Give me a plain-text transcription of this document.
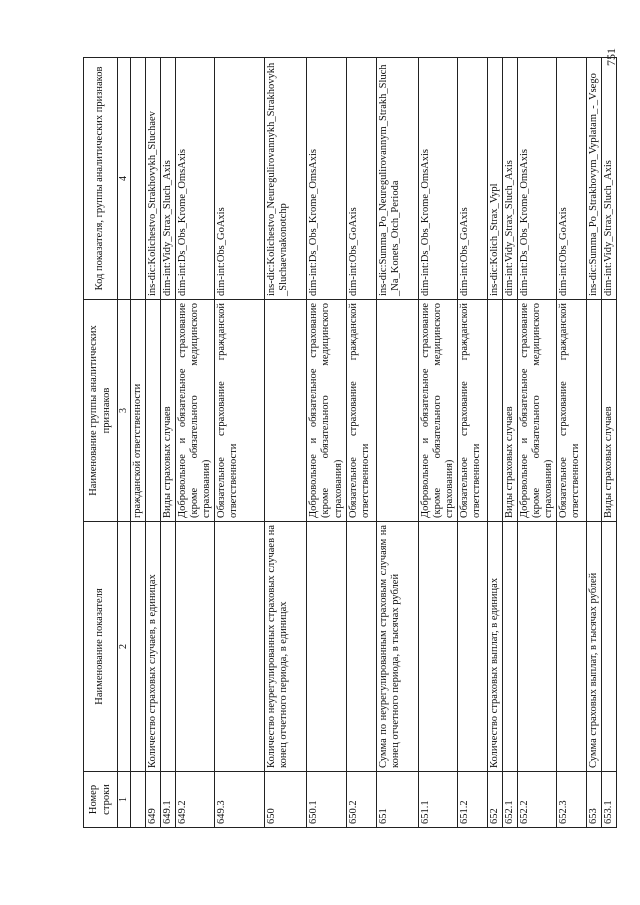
751
Номер строки	Наименование показателя	Наименование группы аналитических признаков	Код показателя, группы аналитических признаков
1	2	3	4
		гражданской ответственности	
649	Количество страховых случаев, в единицах		ins-dic:Kolichestvo_Strakhovykh_Sluchaev
649.1		Виды страховых случаев	dim-int:Vidy_Strax_Sluch_Axis
649.2		Добровольное и обязательное страхование (кроме обязательного медицинского страхования)	dim-int:Ds_Obs_Krome_OmsAxis
649.3		Обязательное страхование гражданской ответственности	dim-int:Obs_GoAxis
650	Количество неурегулированных страховых случаев на конец отчетного периода, в единицах		ins-dic:Kolichestvo_Neuregulirovannykh_Strakhovykh_Sluchaevnakonotchp
650.1		Добровольное и обязательное страхование (кроме обязательного медицинского страхования)	dim-int:Ds_Obs_Krome_OmsAxis
650.2		Обязательное страхование гражданской ответственности	dim-int:Obs_GoAxis
651	Сумма по неурегулированным страховым случаям на конец отчетного периода, в тысячах рублей		ins-dic:Summa_Po_Neuregulirovannym_Strakh_Sluch_Na_Konets_Otch_Perioda
651.1		Добровольное и обязательное страхование (кроме обязательного медицинского страхования)	dim-int:Ds_Obs_Krome_OmsAxis
651.2		Обязательное страхование гражданской ответственности	dim-int:Obs_GoAxis
652	Количество страховых выплат, в единицах		ins-dic:Kolich_Strax_Vypl
652.1		Виды страховых случаев	dim-int:Vidy_Strax_Sluch_Axis
652.2		Добровольное и обязательное страхование (кроме обязательного медицинского страхования)	dim-int:Ds_Obs_Krome_OmsAxis
652.3		Обязательное страхование гражданской ответственности	dim-int:Obs_GoAxis
653	Сумма страховых выплат, в тысячах рублей		ins-dic:Summa_Po_Strakhovym_Vyplatam_-_Vsego
653.1		Виды страховых случаев	dim-int:Vidy_Strax_Sluch_Axis
